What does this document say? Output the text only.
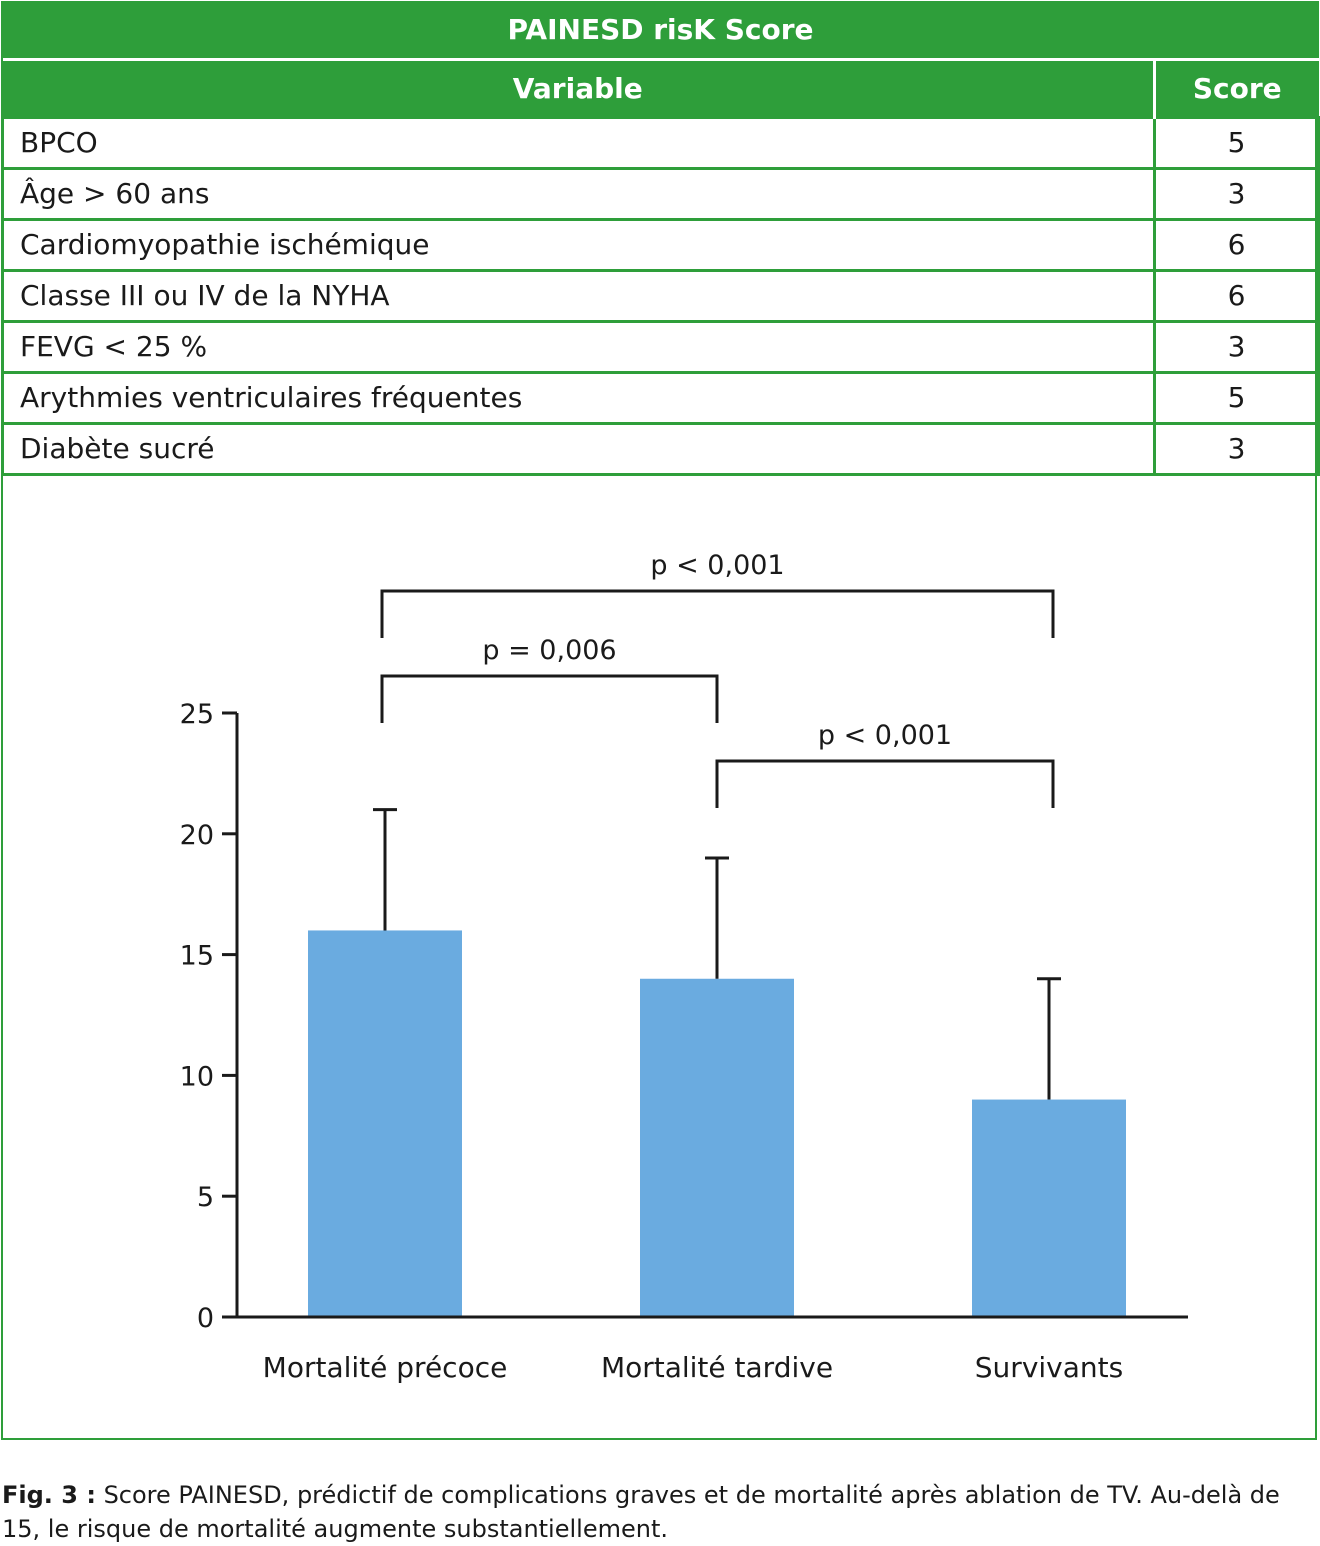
PAINESD risK Score	
Variable	Score
BPCO	5
Âge > 60 ans	3
Cardiomyopathie ischémique	6
Classe III ou IV de la NYHA	6
FEVG < 25 %	3
Arythmies ventriculaires fréquentes	5
Diabète sucré	3
0
5
10
15
20
25
Mortalité précoce	Mortalité tardive	Survivants
p < 0,001
p = 0,006
p < 0,001
Fig. 3 : Score PAINESD, prédictif de complications graves et de mortalité après ablation de TV. Au-delà de 15, le risque de mortalité augmente substantiellement.
